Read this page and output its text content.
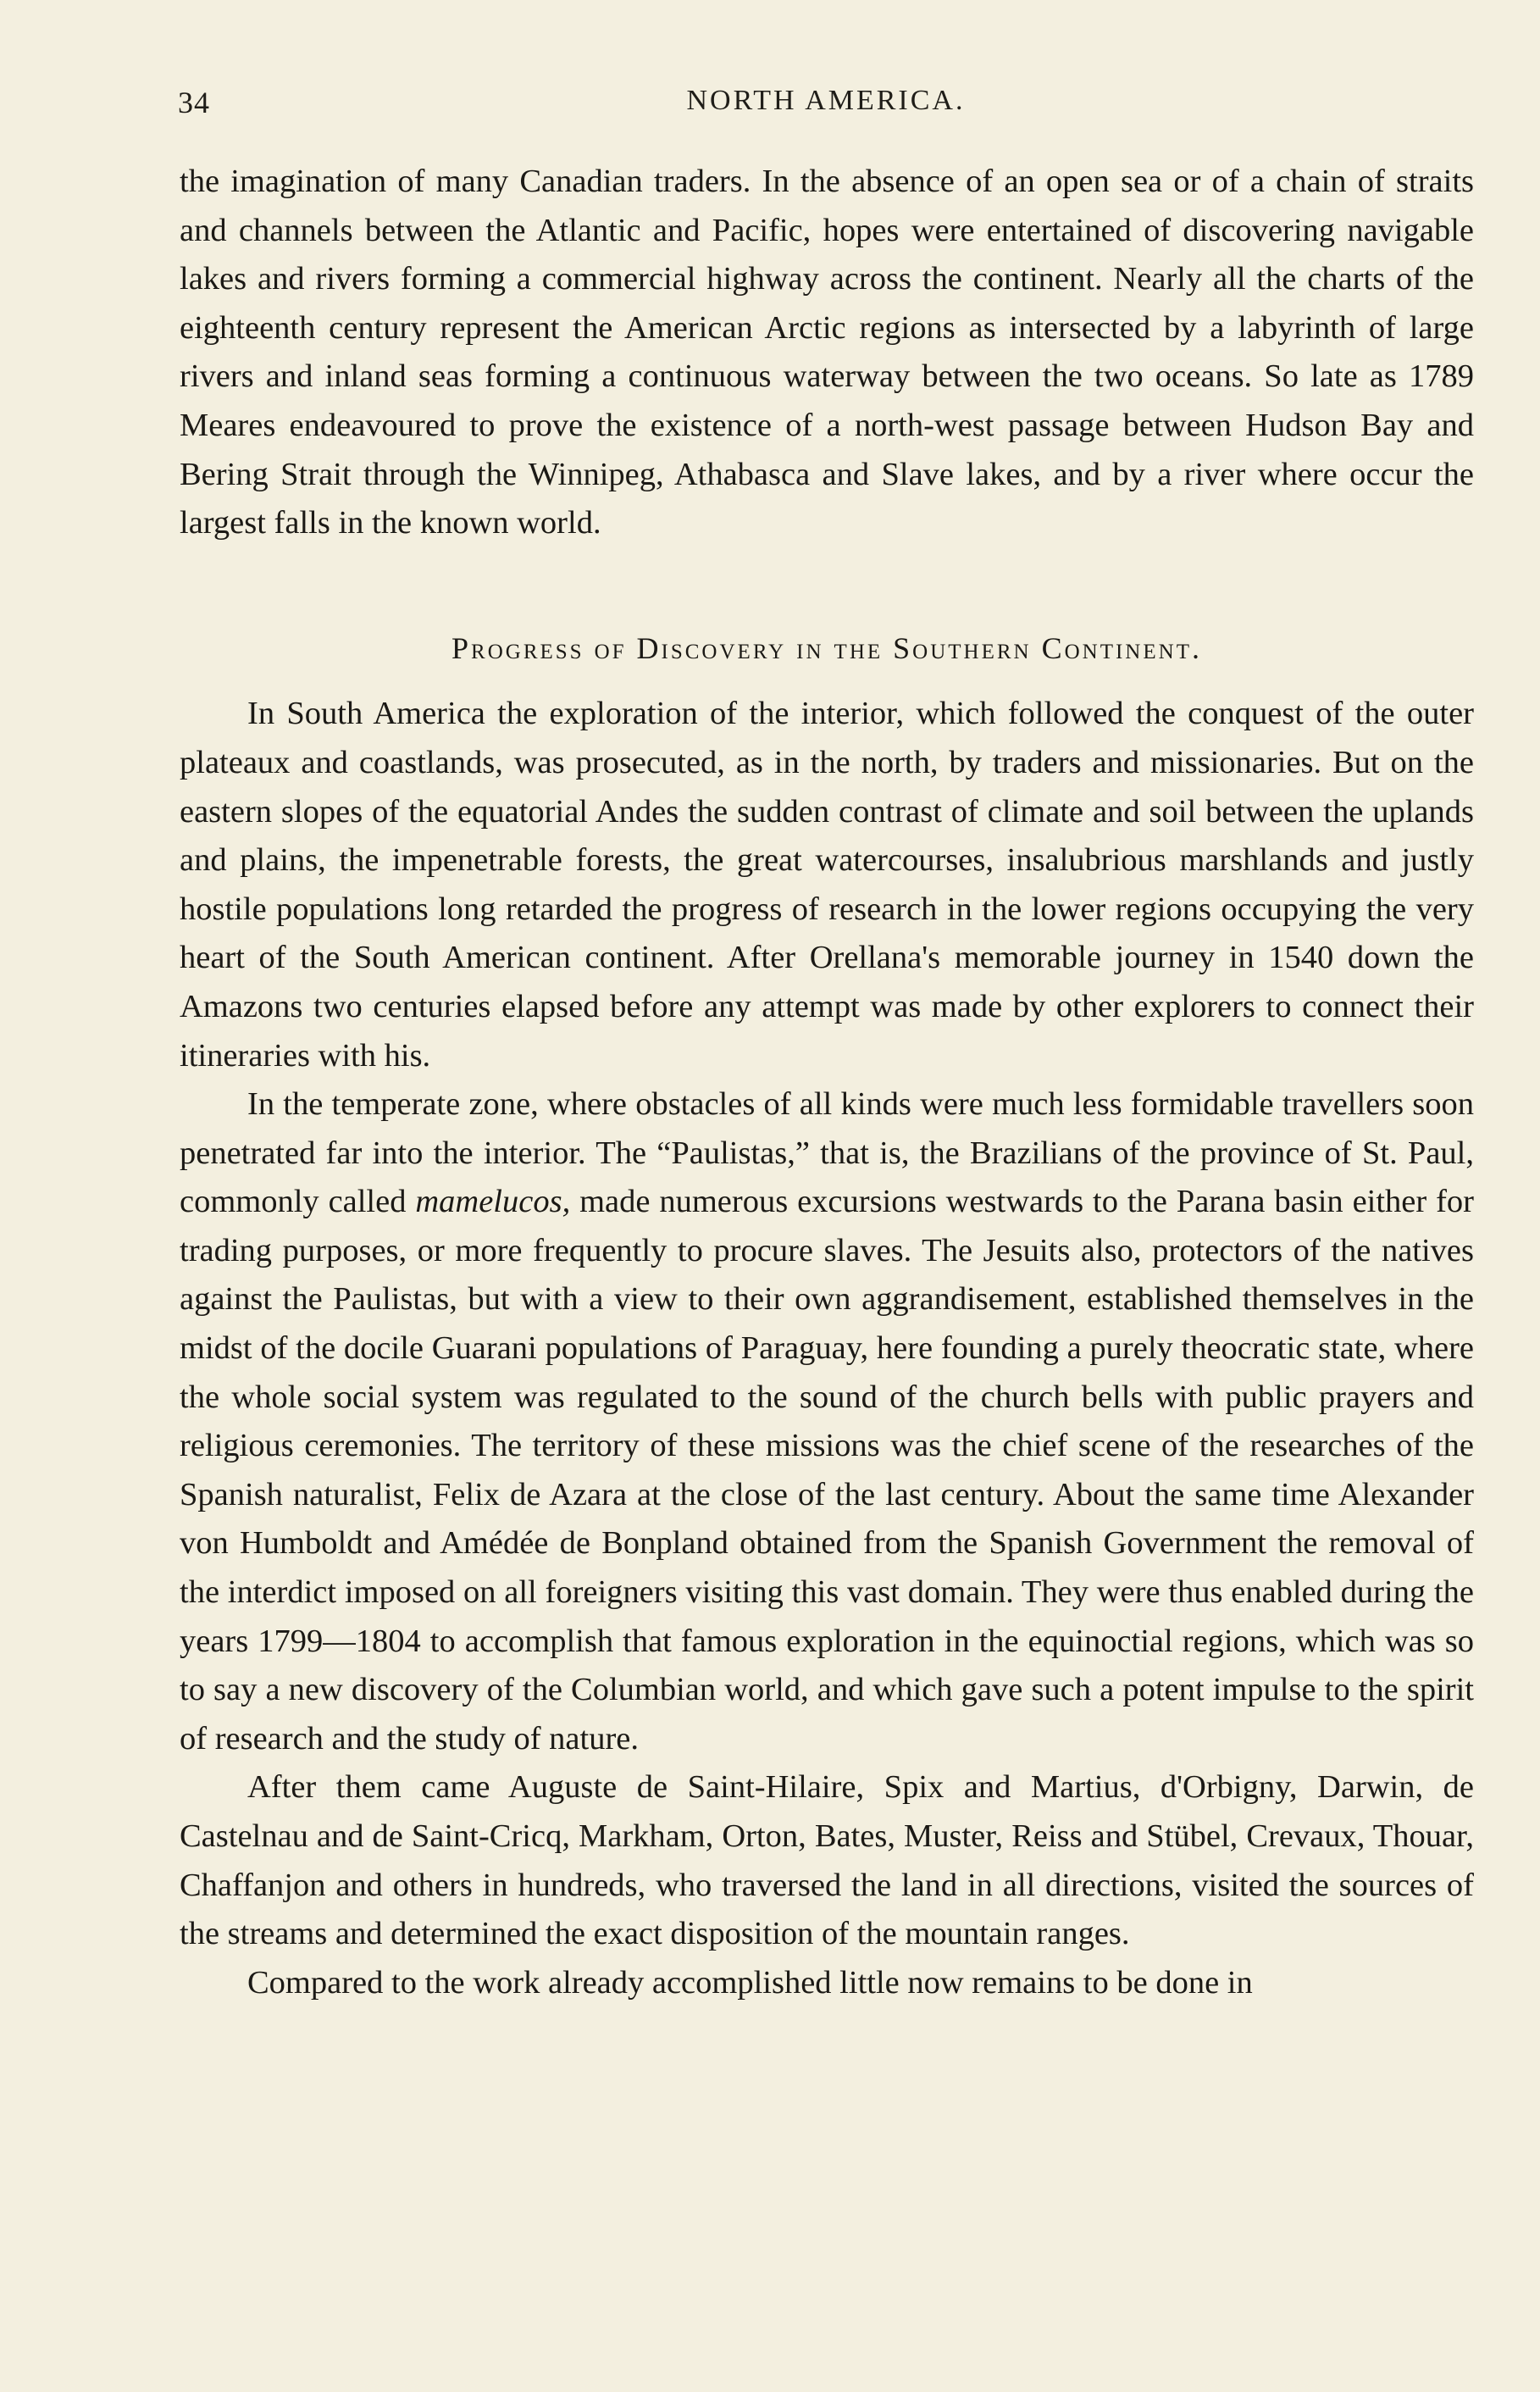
34	NORTH AMERICA.

the imagination of many Canadian traders. In the absence of an open sea or of a chain of straits and channels between the Atlantic and Pacific, hopes were entertained of discovering navigable lakes and rivers forming a commercial highway across the continent. Nearly all the charts of the eighteenth century represent the American Arctic regions as intersected by a labyrinth of large rivers and inland seas forming a continuous waterway between the two oceans. So late as 1789 Meares endeavoured to prove the existence of a north-west passage between Hudson Bay and Bering Strait through the Winnipeg, Athabasca and Slave lakes, and by a river where occur the largest falls in the known world.

Progress of Discovery in the Southern Continent.

In South America the exploration of the interior, which followed the conquest of the outer plateaux and coastlands, was prosecuted, as in the north, by traders and missionaries. But on the eastern slopes of the equatorial Andes the sudden contrast of climate and soil between the uplands and plains, the impenetrable forests, the great watercourses, insalubrious marshlands and justly hostile populations long retarded the progress of research in the lower regions occupying the very heart of the South American continent. After Orellana's memorable journey in 1540 down the Amazons two centuries elapsed before any attempt was made by other explorers to connect their itineraries with his.

In the temperate zone, where obstacles of all kinds were much less formidable travellers soon penetrated far into the interior. The “Paulistas,” that is, the Brazilians of the province of St. Paul, commonly called mamelucos, made numerous excursions westwards to the Parana basin either for trading purposes, or more frequently to procure slaves. The Jesuits also, protectors of the natives against the Paulistas, but with a view to their own aggrandisement, established themselves in the midst of the docile Guarani populations of Paraguay, here founding a purely theocratic state, where the whole social system was regulated to the sound of the church bells with public prayers and religious ceremonies. The territory of these missions was the chief scene of the researches of the Spanish naturalist, Felix de Azara at the close of the last century. About the same time Alexander von Humboldt and Amédée de Bonpland obtained from the Spanish Government the removal of the interdict imposed on all foreigners visiting this vast domain. They were thus enabled during the years 1799—1804 to accomplish that famous exploration in the equinoctial regions, which was so to say a new discovery of the Columbian world, and which gave such a potent impulse to the spirit of research and the study of nature.

After them came Auguste de Saint-Hilaire, Spix and Martius, d'Orbigny, Darwin, de Castelnau and de Saint-Cricq, Markham, Orton, Bates, Muster, Reiss and Stübel, Crevaux, Thouar, Chaffanjon and others in hundreds, who traversed the land in all directions, visited the sources of the streams and determined the exact disposition of the mountain ranges.

Compared to the work already accomplished little now remains to be done in
